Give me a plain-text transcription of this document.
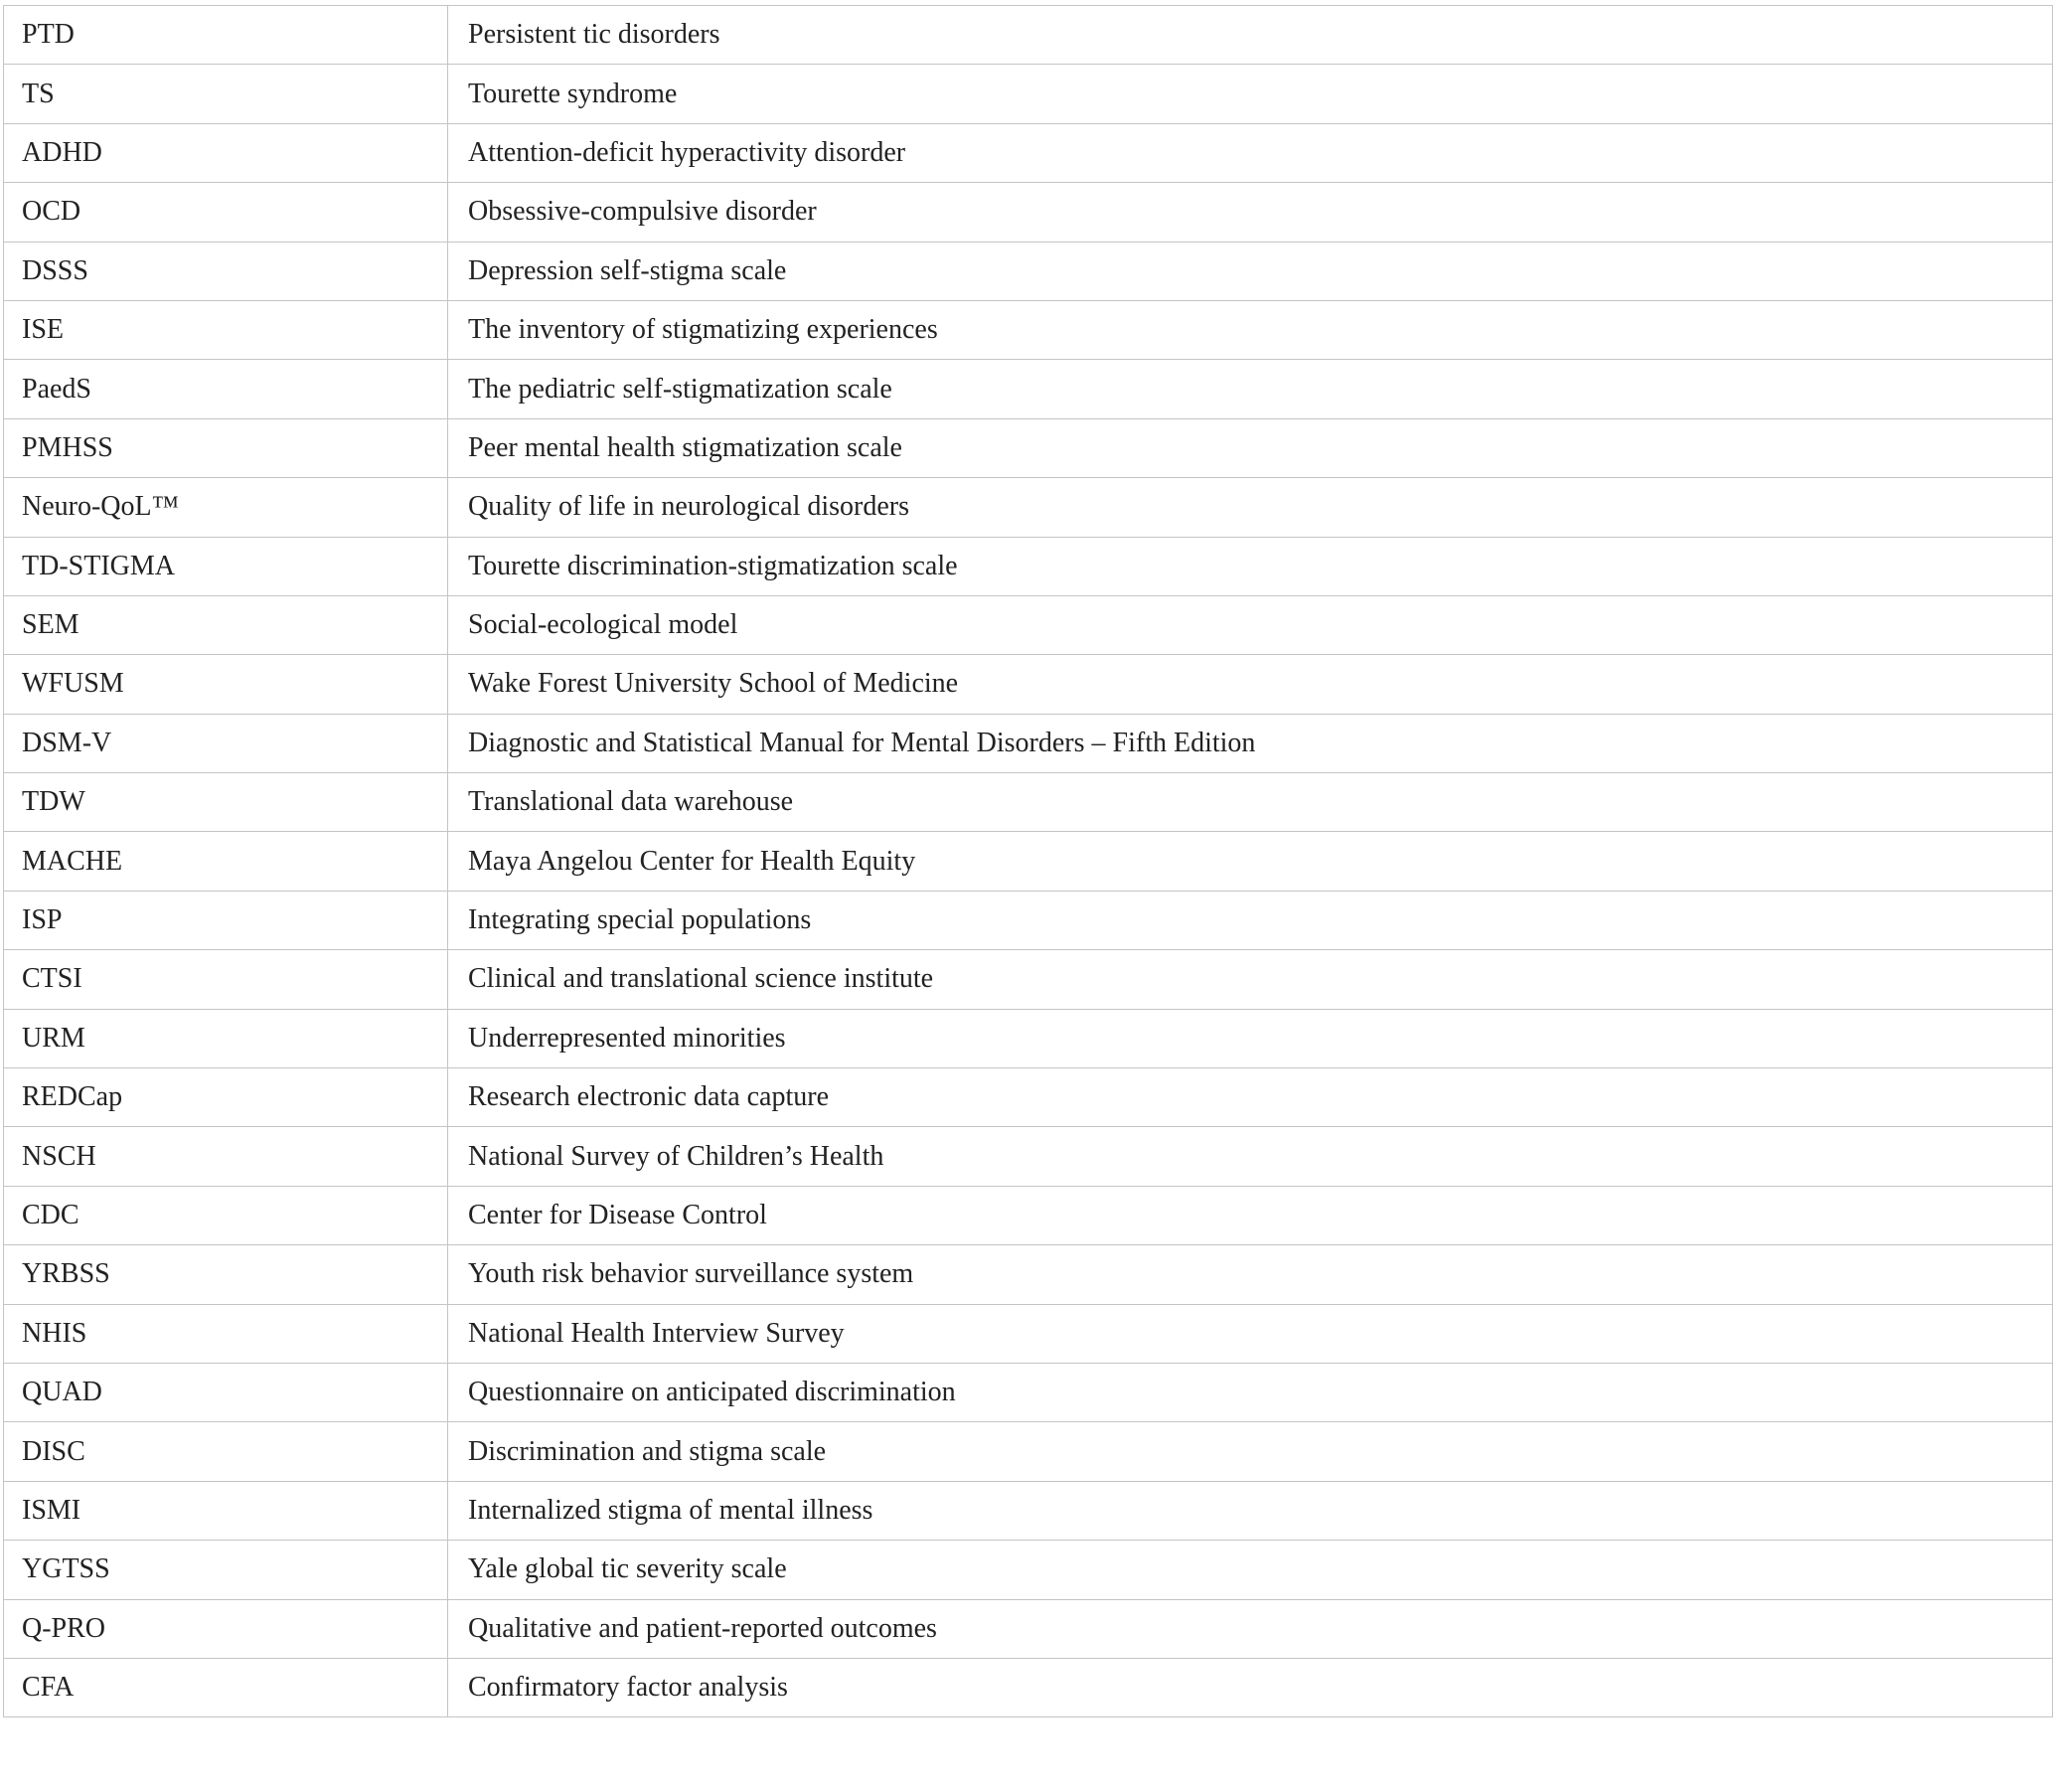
PTD	Persistent tic disorders
TS	Tourette syndrome
ADHD	Attention-deficit hyperactivity disorder
OCD	Obsessive-compulsive disorder
DSSS	Depression self-stigma scale
ISE	The inventory of stigmatizing experiences
PaedS	The pediatric self-stigmatization scale
PMHSS	Peer mental health stigmatization scale
Neuro-QoL™	Quality of life in neurological disorders
TD-STIGMA	Tourette discrimination-stigmatization scale
SEM	Social-ecological model
WFUSM	Wake Forest University School of Medicine
DSM-V	Diagnostic and Statistical Manual for Mental Disorders – Fifth Edition
TDW	Translational data warehouse
MACHE	Maya Angelou Center for Health Equity
ISP	Integrating special populations
CTSI	Clinical and translational science institute
URM	Underrepresented minorities
REDCap	Research electronic data capture
NSCH	National Survey of Children’s Health
CDC	Center for Disease Control
YRBSS	Youth risk behavior surveillance system
NHIS	National Health Interview Survey
QUAD	Questionnaire on anticipated discrimination
DISC	Discrimination and stigma scale
ISMI	Internalized stigma of mental illness
YGTSS	Yale global tic severity scale
Q-PRO	Qualitative and patient-reported outcomes
CFA	Confirmatory factor analysis
